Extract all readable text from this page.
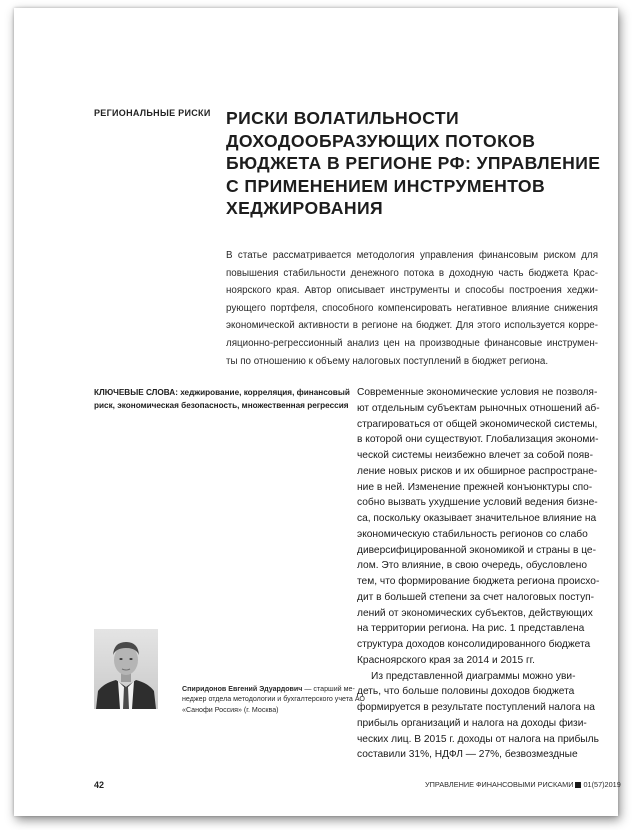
РЕГИОНАЛЬНЫЕ РИСКИ РИСКИ ВОЛАТИЛЬНОСТИ
ДОХОДООБРАЗУЮЩИХ ПОТОКОВ
БЮДЖЕТА В РЕГИОНЕ РФ: УПРАВЛЕНИЕ
С ПРИМЕНЕНИЕМ ИНСТРУМЕНТОВ
ХЕДЖИРОВАНИЯ
В статье рассматривается методология управления финансовым риском для
повышения стабильности денежного потока в доходную часть бюджета Крас-
ноярского края. Автор описывает инструменты и способы построения хеджи-
рующего портфеля, способного компенсировать негативное влияние снижения
экономической активности в регионе на бюджет. Для этого используется корре-
ляционно-регрессионный анализ цен на производные финансовые инструмен-
ты по отношению к объему налоговых поступлений в бюджет региона.
КЛЮЧЕВЫЕ СЛОВА: хеджирование, корреляция, финансовый
риск, экономическая безопасность, множественная регрессия
Современные экономические условия не позволя-
ют отдельным субъектам рыночных отношений аб-
страгироваться от общей экономической системы,
в которой они существуют. Глобализация экономи-
ческой системы неизбежно влечет за собой появ-
ление новых рисков и их обширное распростране-
ние в ней. Изменение прежней конъюнктуры спо-
собно вызвать ухудшение условий ведения бизне-
са, поскольку оказывает значительное влияние на
экономическую стабильность регионов со слабо
диверсифицированной экономикой и страны в це-
лом. Это влияние, в свою очередь, обусловлено
тем, что формирование бюджета региона происхо-
дит в большей степени за счет налоговых поступ-
лений от экономических субъектов, действующих
на территории региона. На рис. 1 представлена
структура доходов консолидированного бюджета
Красноярского края за 2014 и 2015 гг.
Из представленной диаграммы можно уви-
деть, что больше половины доходов бюджета
формируется в результате поступлений налога на
прибыль организаций и налога на доходы физи-
ческих лиц. В 2015 г. доходы от налога на прибыль
составили 31%, НДФЛ — 27%, безвозмездные
Спиридонов Евгений Эдуардович — старший ме-
неджер отдела методологии и бухгалтерского учета АО
«Санофи Россия» (г. Москва)
42	УПРАВЛЕНИЕ ФИНАНСОВЫМИ РИСКАМИ 01(57)2019
